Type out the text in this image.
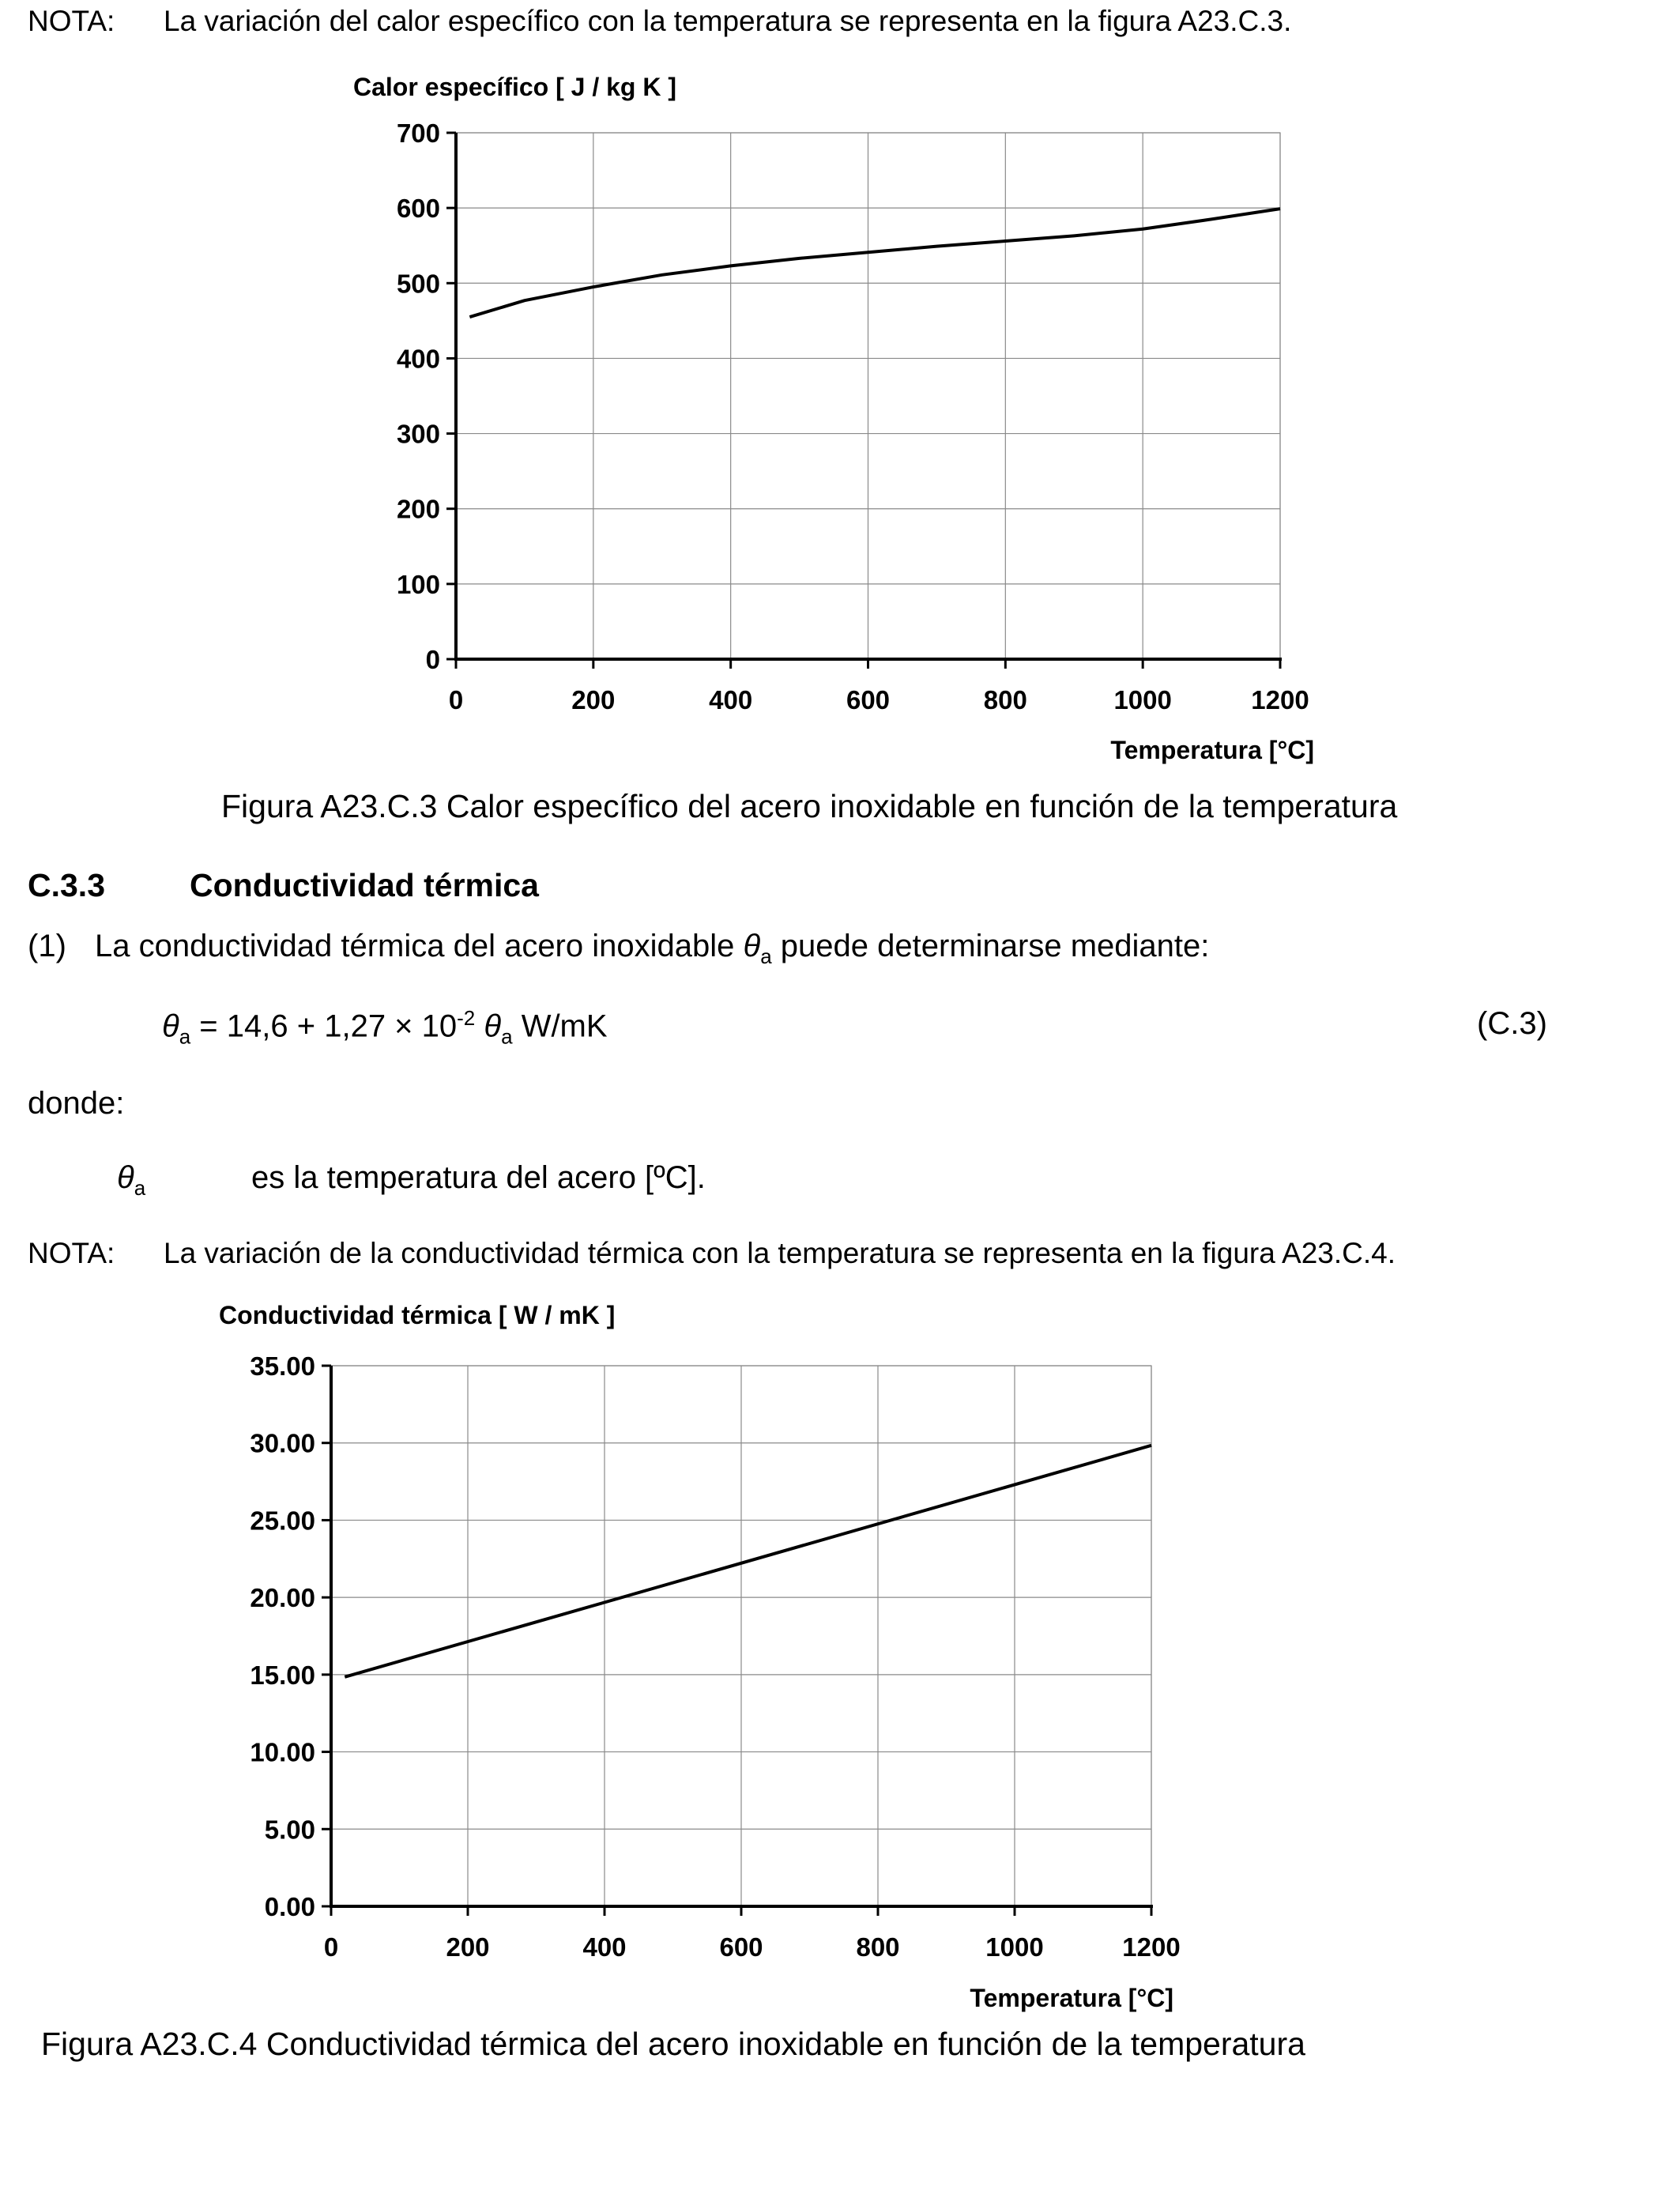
NOTA: La variación del calor específico con la temperatura se representa en la figura A23.C.3.
Calor específico [ J / kg K ]
0	200	400	600	800	1000	1200
0
100
200
300
400
500
600
700
Temperatura [°C]
Figura A23.C.3 Calor específico del acero inoxidable en función de la temperatura
C.3.3	Conductividad térmica
(1) La conductividad térmica del acero inoxidable $\theta_a$ puede determinarse mediante:
$\theta_a = 14,6 + 1,27 \times 10^{-2}$ $\theta_a$ W/mK	(C.3)
donde:
$\theta_a$	es la temperatura del acero [ºC].
NOTA: La variación de la conductividad térmica con la temperatura se representa en la figura A23.C.4.
Conductividad térmica [ W / mK ]
0	200	400	600	800	1000	1200
0.00
5.00
10.00
15.00
20.00
25.00
30.00
35.00
Temperatura [°C]
Figura A23.C.4 Conductividad térmica del acero inoxidable en función de la temperatura
